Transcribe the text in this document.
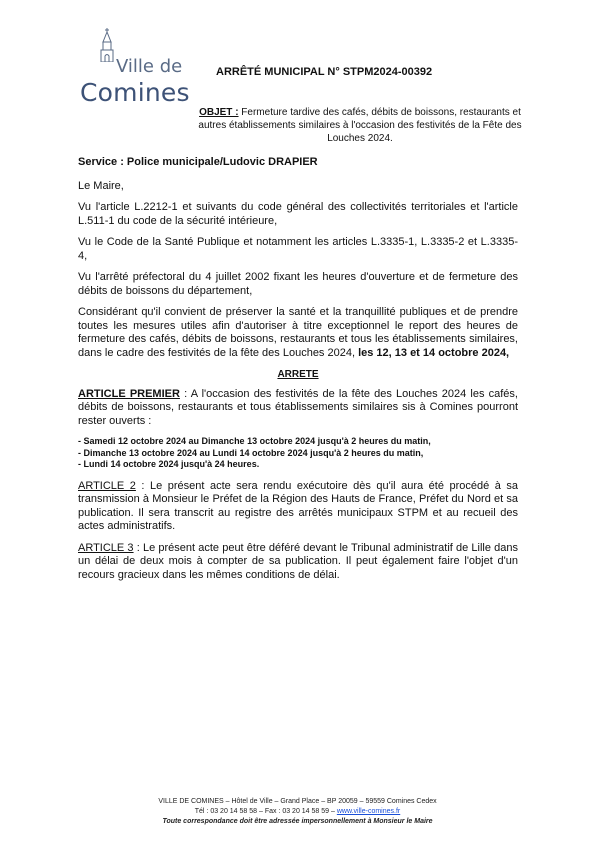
Ville de
Comines
ARRÊTÉ MUNICIPAL N° STPM2024-00392
OBJET : Fermeture tardive des cafés, débits de boissons, restaurants et autres établissements similaires à l'occasion des festivités de la Fête des Louches 2024.

Service : Police municipale/Ludovic DRAPIER

Le Maire,

Vu l'article L.2212-1 et suivants du code général des collectivités territoriales et l'article L.511-1 du code de la sécurité intérieure,

Vu le Code de la Santé Publique et notamment les articles L.3335-1, L.3335-2 et L.3335-4,

Vu l'arrêté préfectoral du 4 juillet 2002 fixant les heures d'ouverture et de fermeture des débits de boissons du département,

Considérant qu'il convient de préserver la santé et la tranquillité publiques et de prendre toutes les mesures utiles afin d'autoriser à titre exceptionnel le report des heures de fermeture des cafés, débits de boissons, restaurants et tous les établissements similaires, dans le cadre des festivités de la fête des Louches 2024, les 12, 13 et 14 octobre 2024,

ARRETE

ARTICLE PREMIER : A l'occasion des festivités de la fête des Louches 2024 les cafés, débits de boissons, restaurants et tous établissements similaires sis à Comines pourront rester ouverts :

- Samedi 12 octobre 2024 au Dimanche 13 octobre 2024 jusqu'à 2 heures du matin,
- Dimanche 13 octobre 2024 au Lundi 14 octobre 2024 jusqu'à 2 heures du matin,
- Lundi 14 octobre 2024 jusqu'à 24 heures.

ARTICLE 2 : Le présent acte sera rendu exécutoire dès qu'il aura été procédé à sa transmission à Monsieur le Préfet de la Région des Hauts de France, Préfet du Nord et sa publication. Il sera transcrit au registre des arrêtés municipaux STPM et au recueil des actes administratifs.

ARTICLE 3 : Le présent acte peut être déféré devant le Tribunal administratif de Lille dans un délai de deux mois à compter de sa publication. Il peut également faire l'objet d'un recours gracieux dans les mêmes conditions de délai.

VILLE DE COMINES – Hôtel de Ville – Grand Place – BP 20059 – 59559 Comines Cedex
Tél : 03 20 14 58 58 – Fax : 03 20 14 58 59 – www.ville-comines.fr
Toute correspondance doit être adressée impersonnellement à Monsieur le Maire
